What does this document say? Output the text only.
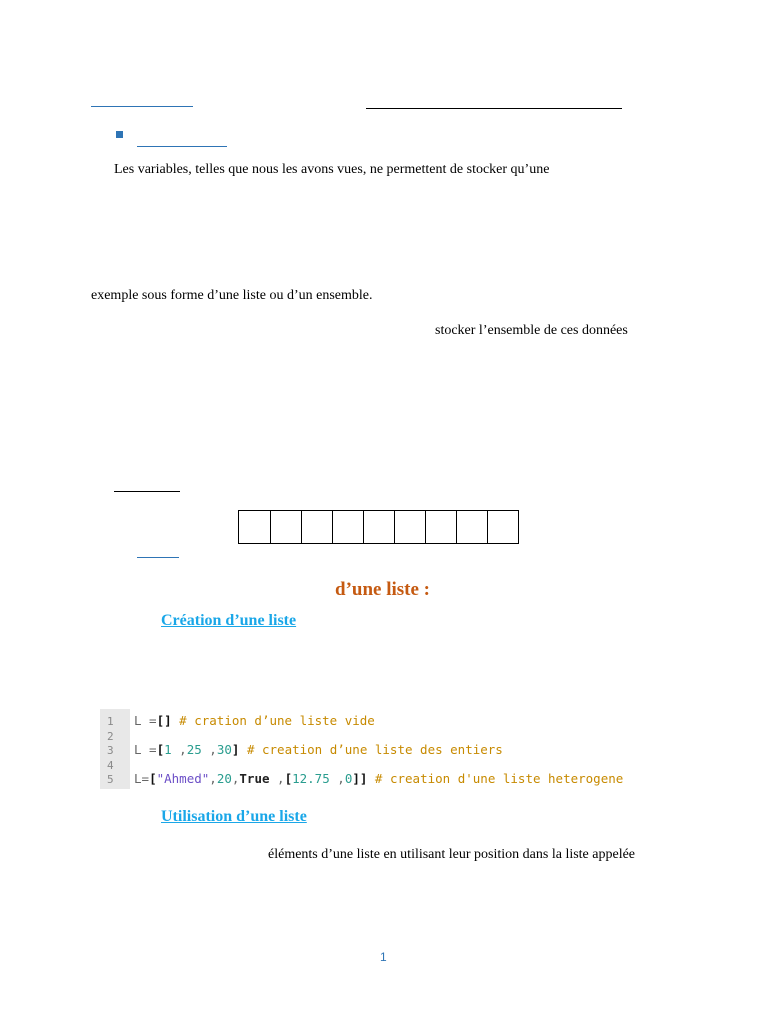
Les variables, telles que nous les avons vues, ne permettent de stocker qu’une
exemple sous forme d’une liste ou d’un ensemble.
stocker l’ensemble de ces données
d’une liste :
Création d’une liste
1
2
3
4
5
L =[] # cration d’une liste vide
L =[1 ,25 ,30] # creation d’une liste des entiers
L=["Ahmed",20,True ,[12.75 ,0]] # creation d'une liste heterogene
Utilisation d’une liste
éléments d’une liste en utilisant leur position dans la liste appelée
1
